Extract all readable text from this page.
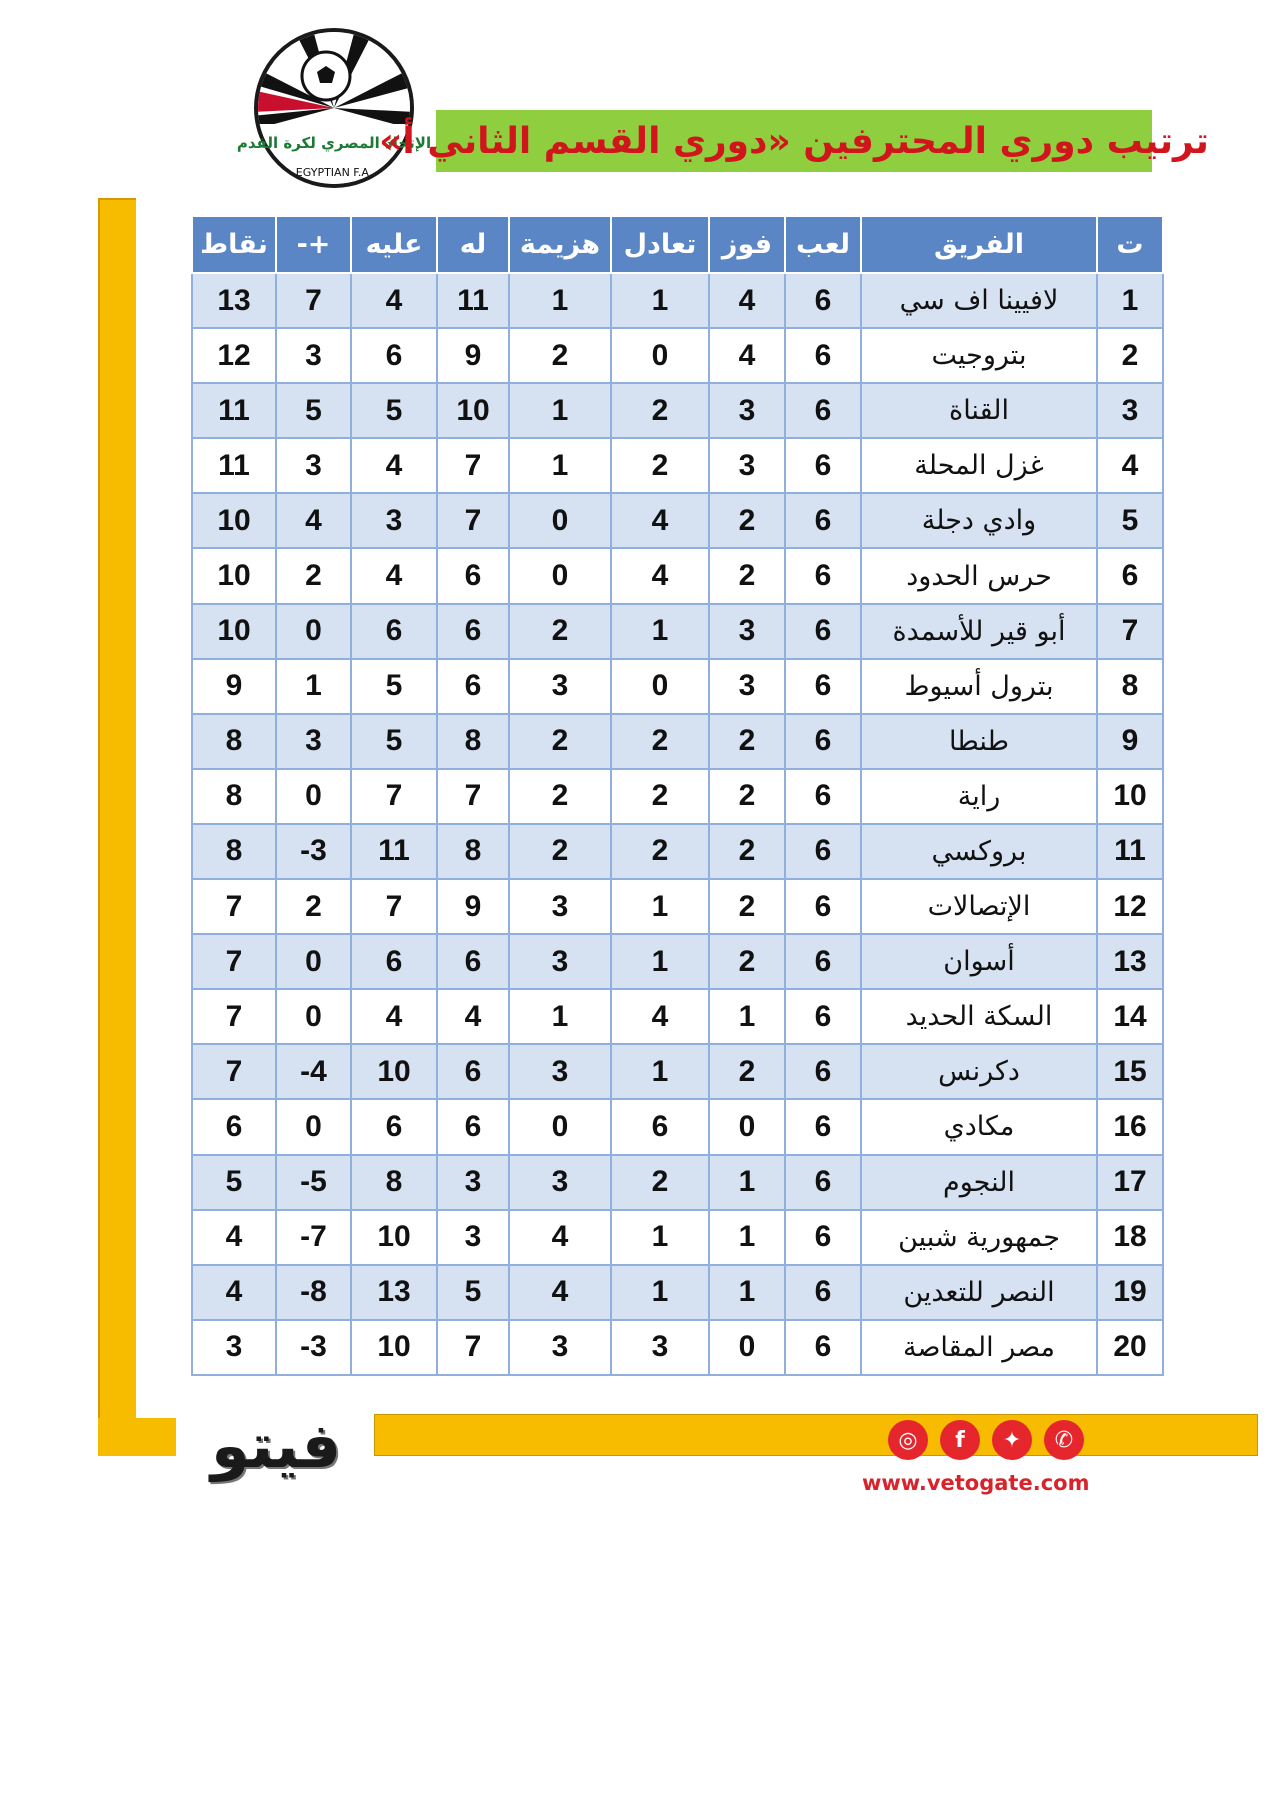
الإتحاد المصري لكرة القدم
EGYPTIAN F.A.
ترتيب دوري المحترفين «دوري القسم الثاني أ»
ت	الفريق	لعب	فوز	تعادل	هزيمة	له	عليه	+-	نقاط
1	لافيينا اف سي	6	4	1	1	11	4	7	13
2	بتروجيت	6	4	0	2	9	6	3	12
3	القناة	6	3	2	1	10	5	5	11
4	غزل المحلة	6	3	2	1	7	4	3	11
5	وادي دجلة	6	2	4	0	7	3	4	10
6	حرس الحدود	6	2	4	0	6	4	2	10
7	أبو قير للأسمدة	6	3	1	2	6	6	0	10
8	بترول أسيوط	6	3	0	3	6	5	1	9
9	طنطا	6	2	2	2	8	5	3	8
10	راية	6	2	2	2	7	7	0	8
11	بروكسي	6	2	2	2	8	11	-3	8
12	الإتصالات	6	2	1	3	9	7	2	7
13	أسوان	6	2	1	3	6	6	0	7
14	السكة الحديد	6	1	4	1	4	4	0	7
15	دكرنس	6	2	1	3	6	10	-4	7
16	مكادي	6	0	6	0	6	6	0	6
17	النجوم	6	1	2	3	3	8	-5	5
18	جمهورية شبين	6	1	1	4	3	10	-7	4
19	النصر للتعدين	6	1	1	4	5	13	-8	4
20	مصر المقاصة	6	0	3	3	7	10	-3	3
فيتو	◎	f	✦	✆
www.vetogate.com
